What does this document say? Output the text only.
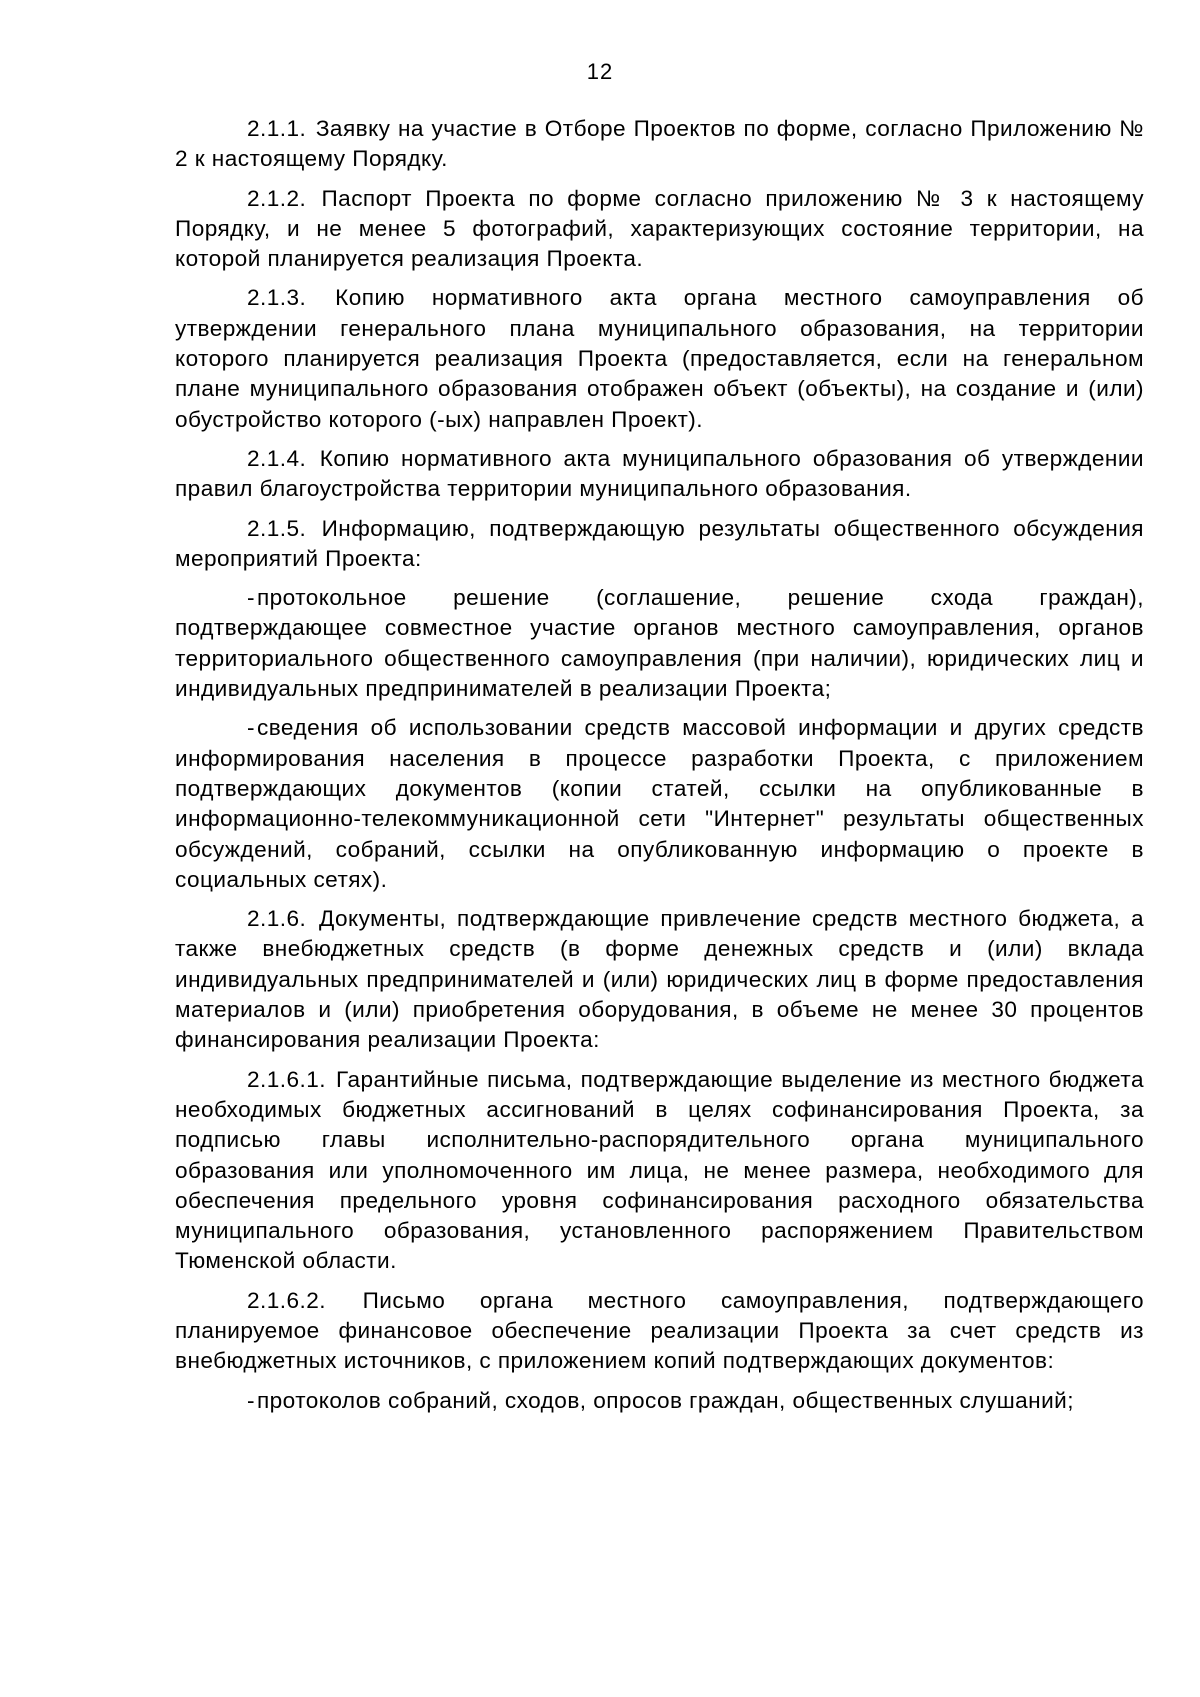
12

2.1.1. Заявку на участие в Отборе Проектов по форме, согласно Приложению № 2 к настоящему Порядку.

2.1.2. Паспорт Проекта по форме согласно приложению № 3 к настоящему Порядку, и не менее 5 фотографий, характеризующих состояние территории, на которой планируется реализация Проекта.

2.1.3. Копию нормативного акта органа местного самоуправления об утверждении генерального плана муниципального образования, на территории которого планируется реализация Проекта (предоставляется, если на генеральном плане муниципального образования отображен объект (объекты), на создание и (или) обустройство которого (-ых) направлен Проект).

2.1.4. Копию нормативного акта муниципального образования об утверждении правил благоустройства территории муниципального образования.

2.1.5. Информацию, подтверждающую результаты общественного обсуждения мероприятий Проекта:

-протокольное решение (соглашение, решение схода граждан), подтверждающее совместное участие органов местного самоуправления, органов территориального общественного самоуправления (при наличии), юридических лиц и индивидуальных предпринимателей в реализации Проекта;

-сведения об использовании средств массовой информации и других средств информирования населения в процессе разработки Проекта, с приложением подтверждающих документов (копии статей, ссылки на опубликованные в информационно-телекоммуникационной сети "Интернет" результаты общественных обсуждений, собраний, ссылки на опубликованную информацию о проекте в социальных сетях).

2.1.6. Документы, подтверждающие привлечение средств местного бюджета, а также внебюджетных средств (в форме денежных средств и (или) вклада индивидуальных предпринимателей и (или) юридических лиц в форме предоставления материалов и (или) приобретения оборудования, в объеме не менее 30 процентов финансирования реализации Проекта:

2.1.6.1. Гарантийные письма, подтверждающие выделение из местного бюджета необходимых бюджетных ассигнований в целях софинансирования Проекта, за подписью главы исполнительно-распорядительного органа муниципального образования или уполномоченного им лица, не менее размера, необходимого для обеспечения предельного уровня софинансирования расходного обязательства муниципального образования, установленного распоряжением Правительством Тюменской области.

2.1.6.2. Письмо органа местного самоуправления, подтверждающего планируемое финансовое обеспечение реализации Проекта за счет средств из внебюджетных источников, с приложением копий подтверждающих документов:

-протоколов собраний, сходов, опросов граждан, общественных слушаний;
